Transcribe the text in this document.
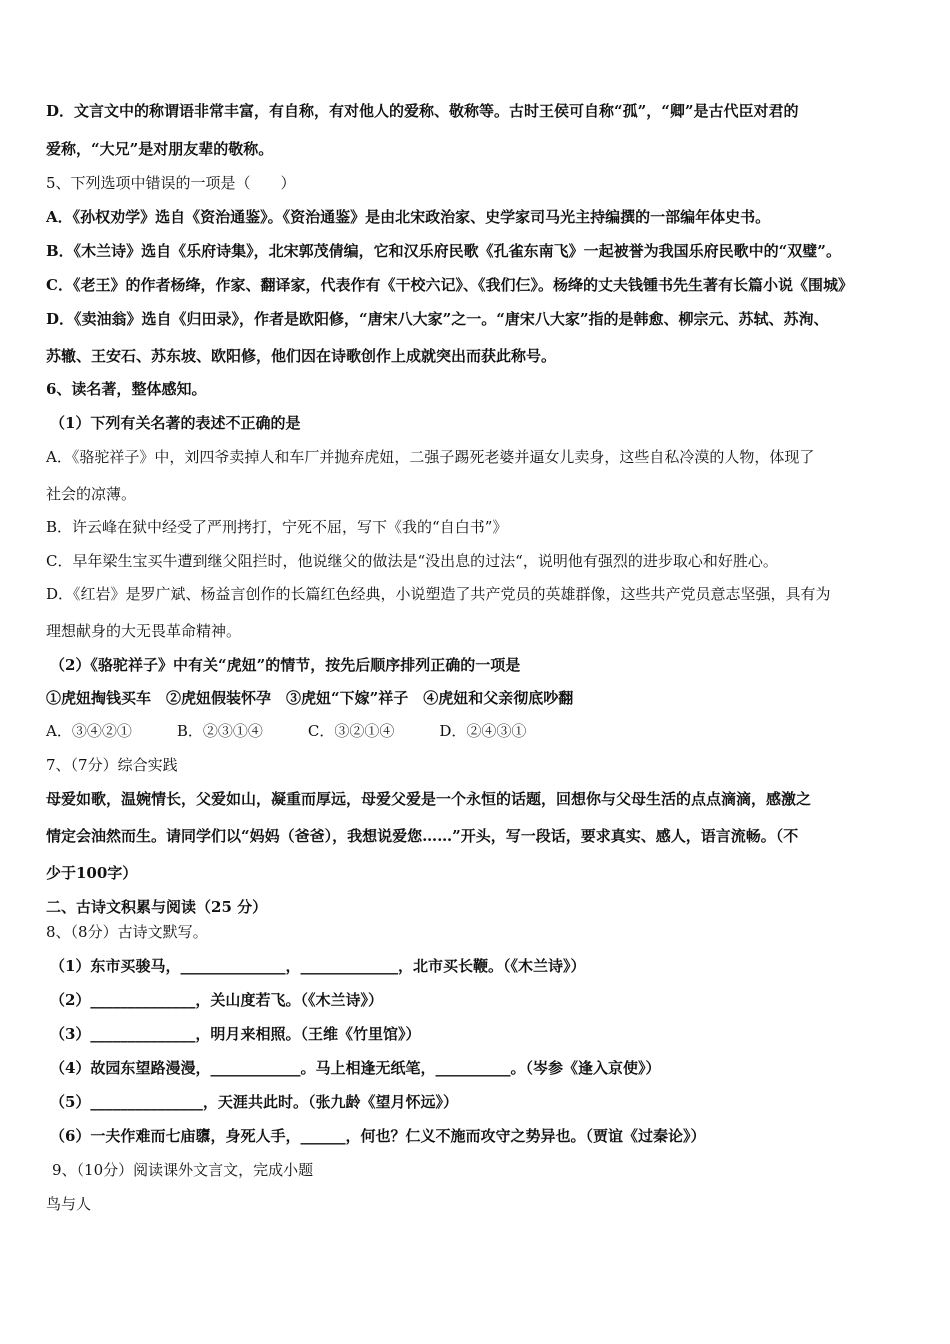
D．文言文中的称谓语非常丰富，有自称，有对他人的爱称、敬称等。古时王侯可自称“孤”，“卿”是古代臣对君的
爱称，“大兄”是对朋友辈的敬称。
5、下列选项中错误的一项是（　　）
A．《孙权劝学》选自《资治通鉴》。《资治通鉴》是由北宋政治家、史学家司马光主持编撰的一部编年体史书。
B．《木兰诗》选自《乐府诗集》，北宋郭茂倩编，它和汉乐府民歌《孔雀东南飞》一起被誉为我国乐府民歌中的“双璧”。
C．《老王》的作者杨绛，作家、翻译家，代表作有《干校六记》、《我们仨》。杨绛的丈夫钱锺书先生著有长篇小说《围城》
D．《卖油翁》选自《归田录》，作者是欧阳修，“唐宋八大家”之一。“唐宋八大家”指的是韩愈、柳宗元、苏轼、苏洵、
苏辙、王安石、苏东坡、欧阳修，他们因在诗歌创作上成就突出而获此称号。
6、读名著，整体感知。
（1）下列有关名著的表述不正确的是
A．《骆驼祥子》中，刘四爷卖掉人和车厂并抛弃虎妞，二强子踢死老婆并逼女儿卖身，这些自私冷漠的人物，体现了
社会的凉薄。
B．许云峰在狱中经受了严刑拷打，宁死不屈，写下《我的“自白书”》
C．早年梁生宝买牛遭到继父阻拦时，他说继父的做法是“没出息的过法“，说明他有强烈的进步取心和好胜心。
D．《红岩》是罗广斌、杨益言创作的长篇红色经典，小说塑造了共产党员的英雄群像，这些共产党员意志坚强，具有为
理想献身的大无畏革命精神。
（2）《骆驼祥子》中有关“虎妞”的情节，按先后顺序排列正确的一项是
①虎妞掏钱买车　②虎妞假装怀孕　③虎妞“下嫁”祥子　④虎妞和父亲彻底吵翻
A．③④②①　　　B．②③①④　　　C．③②①④　　　D．②④③①
7、（7分）综合实践
母爱如歌，温婉情长，父爱如山，凝重而厚远，母爱父爱是一个永恒的话题，回想你与父母生活的点点滴滴，感激之
情定会油然而生。请同学们以“妈妈（爸爸），我想说爱您……”开头，写一段话，要求真实、感人，语言流畅。（不
少于100字）
二、古诗文积累与阅读（25 分）
8、（8分）古诗文默写。
（1）东市买骏马，______________，_____________，北市买长鞭。（《木兰诗》）
（2）______________，关山度若飞。（《木兰诗》）
（3）______________，明月来相照。（王维《竹里馆》）
（4）故园东望路漫漫，____________。马上相逢无纸笔，__________。（岑参《逢入京使》）
（5）_______________，天涯共此时。（张九龄《望月怀远》）
（6）一夫作难而七庙隳，身死人手，______，何也？仁义不施而攻守之势异也。（贾谊《过秦论》）
9、（10分）阅读课外文言文，完成小题
鸟与人
